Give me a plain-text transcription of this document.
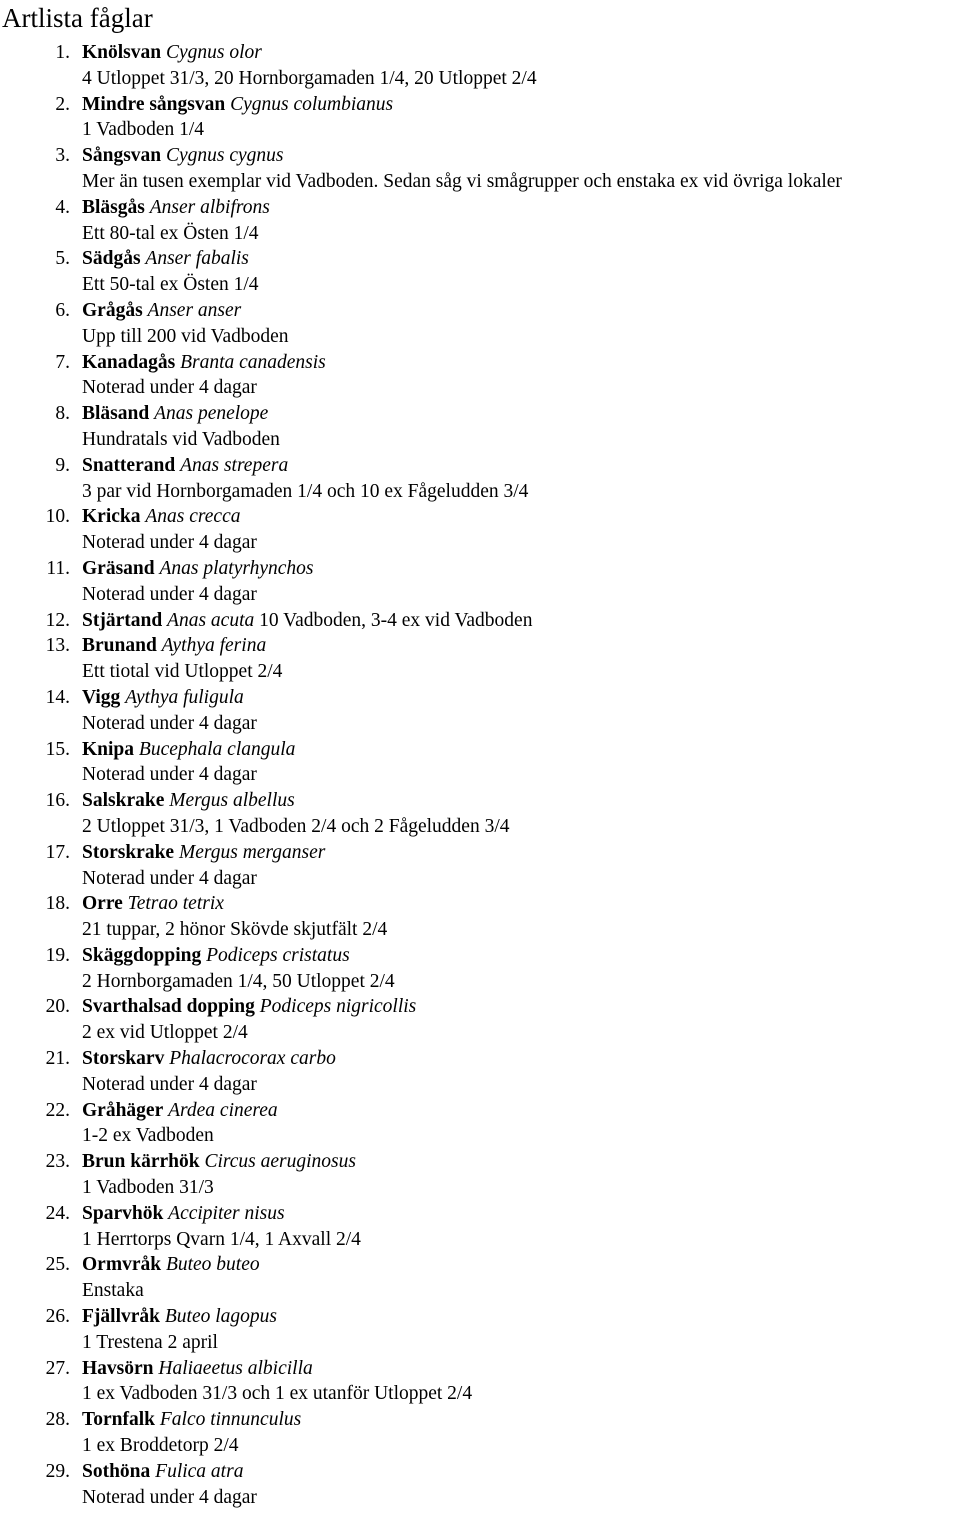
Artlista fåglar
1. Knölsvan Cygnus olor
4 Utloppet 31/3, 20 Hornborgamaden 1/4, 20 Utloppet 2/4
2. Mindre sångsvan Cygnus columbianus
1 Vadboden 1/4
3. Sångsvan Cygnus cygnus
Mer än tusen exemplar vid Vadboden. Sedan såg vi smågrupper och enstaka ex vid övriga lokaler
4. Bläsgås Anser albifrons
Ett 80-tal ex Östen 1/4
5. Sädgås Anser fabalis
Ett 50-tal ex Östen 1/4
6. Grågås Anser anser
Upp till 200 vid Vadboden
7. Kanadagås Branta canadensis
Noterad under 4 dagar
8. Bläsand Anas penelope
Hundratals vid Vadboden
9. Snatterand Anas strepera
3 par vid Hornborgamaden 1/4 och 10 ex Fågeludden 3/4
10. Kricka Anas crecca
Noterad under 4 dagar
11. Gräsand Anas platyrhynchos
Noterad under 4 dagar
12. Stjärtand Anas acuta 10 Vadboden, 3-4 ex vid Vadboden
13. Brunand Aythya ferina
Ett tiotal vid Utloppet 2/4
14. Vigg Aythya fuligula
Noterad under 4 dagar
15. Knipa Bucephala clangula
Noterad under 4 dagar
16. Salskrake Mergus albellus
2 Utloppet 31/3, 1 Vadboden 2/4 och 2 Fågeludden 3/4
17. Storskrake Mergus merganser
Noterad under 4 dagar
18. Orre Tetrao tetrix
21 tuppar, 2 hönor Skövde skjutfält 2/4
19. Skäggdopping Podiceps cristatus
2 Hornborgamaden 1/4, 50 Utloppet 2/4
20. Svarthalsad dopping Podiceps nigricollis
2 ex vid Utloppet 2/4
21. Storskarv Phalacrocorax carbo
Noterad under 4 dagar
22. Gråhäger Ardea cinerea
1-2 ex Vadboden
23. Brun kärrhök Circus aeruginosus
1 Vadboden 31/3
24. Sparvhök Accipiter nisus
1 Herrtorps Qvarn 1/4, 1 Axvall 2/4
25. Ormvråk Buteo buteo
Enstaka
26. Fjällvråk Buteo lagopus
1 Trestena 2 april
27. Havsörn Haliaeetus albicilla
1 ex Vadboden 31/3 och 1 ex utanför Utloppet 2/4
28. Tornfalk Falco tinnunculus
1 ex Broddetorp 2/4
29. Sothöna Fulica atra
Noterad under 4 dagar
